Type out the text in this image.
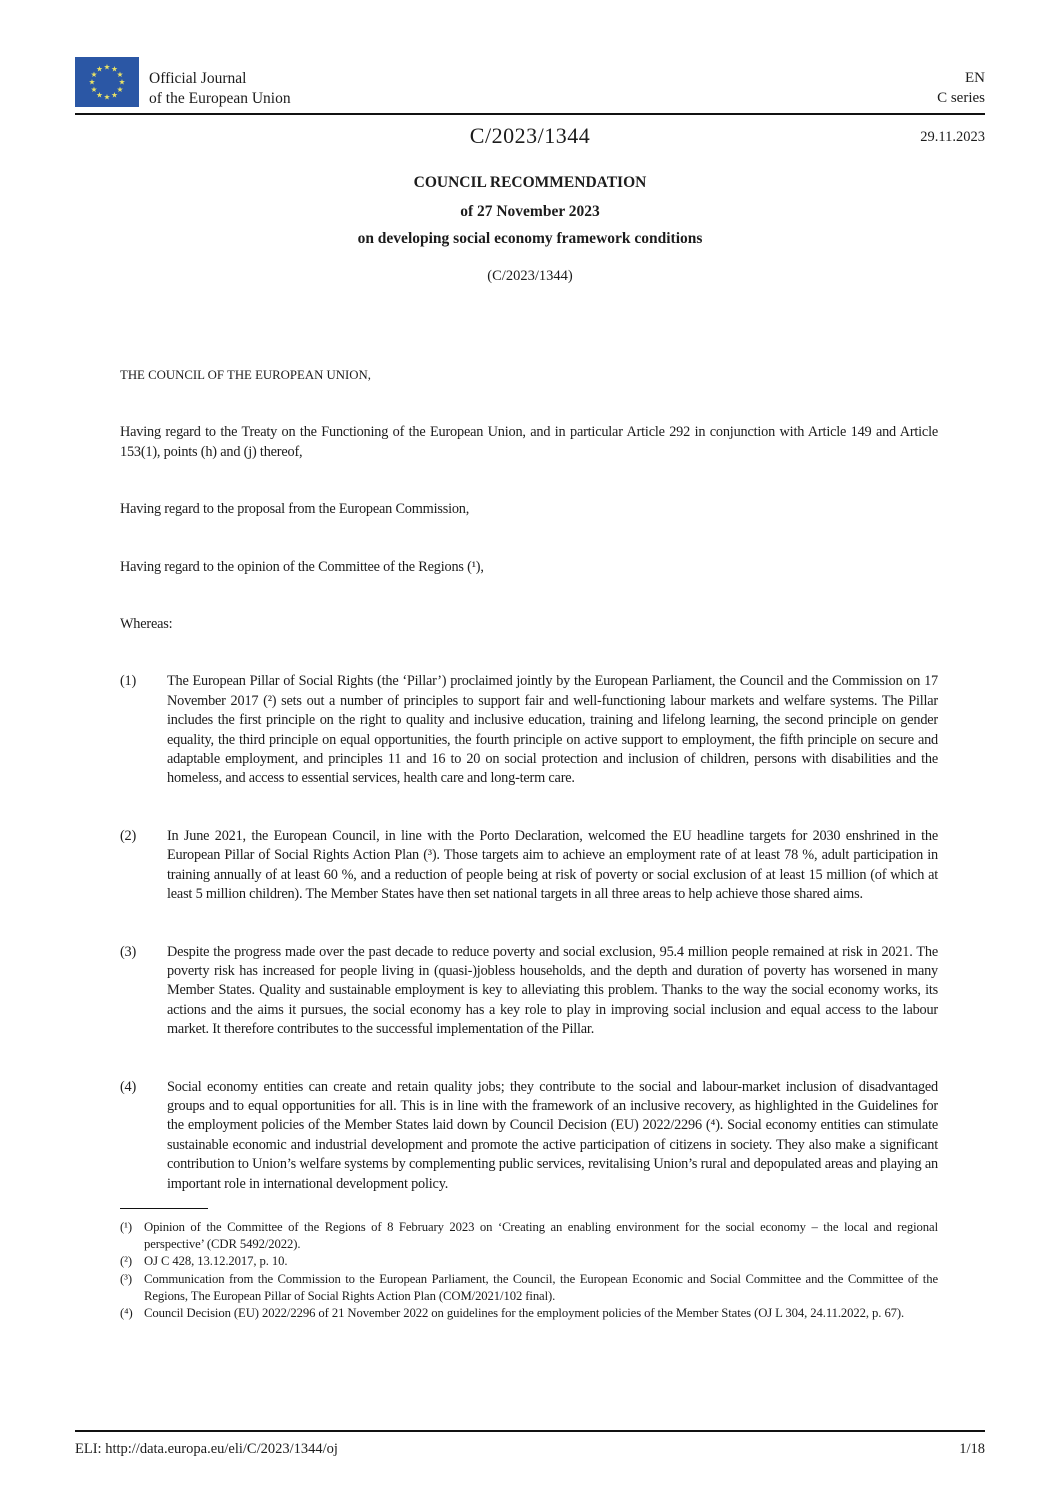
★ ★
★
★
★
★
★
★
★
★
★
★
Official Journal
of the European Union
EN
C series
C/2023/1344	29.11.2023
COUNCIL RECOMMENDATION
of 27 November 2023
on developing social economy framework conditions
(C/2023/1344)

THE COUNCIL OF THE EUROPEAN UNION,

Having regard to the Treaty on the Functioning of the European Union, and in particular Article 292 in conjunction with Article 149 and Article 153(1), points (h) and (j) thereof,

Having regard to the proposal from the European Commission,

Having regard to the opinion of the Committee of the Regions (¹),

Whereas:

(1)	The European Pillar of Social Rights (the ‘Pillar’) proclaimed jointly by the European Parliament, the Council and the Commission on 17 November 2017 (²) sets out a number of principles to support fair and well-functioning labour markets and welfare systems. The Pillar includes the first principle on the right to quality and inclusive education, training and lifelong learning, the second principle on gender equality, the third principle on equal opportunities, the fourth principle on active support to employment, the fifth principle on secure and adaptable employment, and principles 11 and 16 to 20 on social protection and inclusion of children, persons with disabilities and the homeless, and access to essential services, health care and long-term care.
(2)	In June 2021, the European Council, in line with the Porto Declaration, welcomed the EU headline targets for 2030 enshrined in the European Pillar of Social Rights Action Plan (³). Those targets aim to achieve an employment rate of at least 78 %, adult participation in training annually of at least 60 %, and a reduction of people being at risk of poverty or social exclusion of at least 15 million (of which at least 5 million children). The Member States have then set national targets in all three areas to help achieve those shared aims.
(3)	Despite the progress made over the past decade to reduce poverty and social exclusion, 95.4 million people remained at risk in 2021. The poverty risk has increased for people living in (quasi-)jobless households, and the depth and duration of poverty has worsened in many Member States. Quality and sustainable employment is key to alleviating this problem. Thanks to the way the social economy works, its actions and the aims it pursues, the social economy has a key role to play in improving social inclusion and equal access to the labour market. It therefore contributes to the successful implementation of the Pillar.
(4)	Social economy entities can create and retain quality jobs; they contribute to the social and labour-market inclusion of disadvantaged groups and to equal opportunities for all. This is in line with the framework of an inclusive recovery, as highlighted in the Guidelines for the employment policies of the Member States laid down by Council Decision (EU) 2022/2296 (⁴). Social economy entities can stimulate sustainable economic and industrial development and promote the active participation of citizens in society. They also make a significant contribution to Union’s welfare systems by complementing public services, revitalising Union’s rural and depopulated areas and playing an important role in international development policy.
(¹) Opinion of the Committee of the Regions of 8 February 2023 on ‘Creating an enabling environment for the social economy – the local and regional perspective’ (CDR 5492/2022).
(²) OJ C 428, 13.12.2017, p. 10.
(³) Communication from the Commission to the European Parliament, the Council, the European Economic and Social Committee and the Committee of the Regions, The European Pillar of Social Rights Action Plan (COM/2021/102 final).
(⁴) Council Decision (EU) 2022/2296 of 21 November 2022 on guidelines for the employment policies of the Member States (OJ L 304, 24.11.2022, p. 67).
ELI: http://data.europa.eu/eli/C/2023/1344/oj	1/18
